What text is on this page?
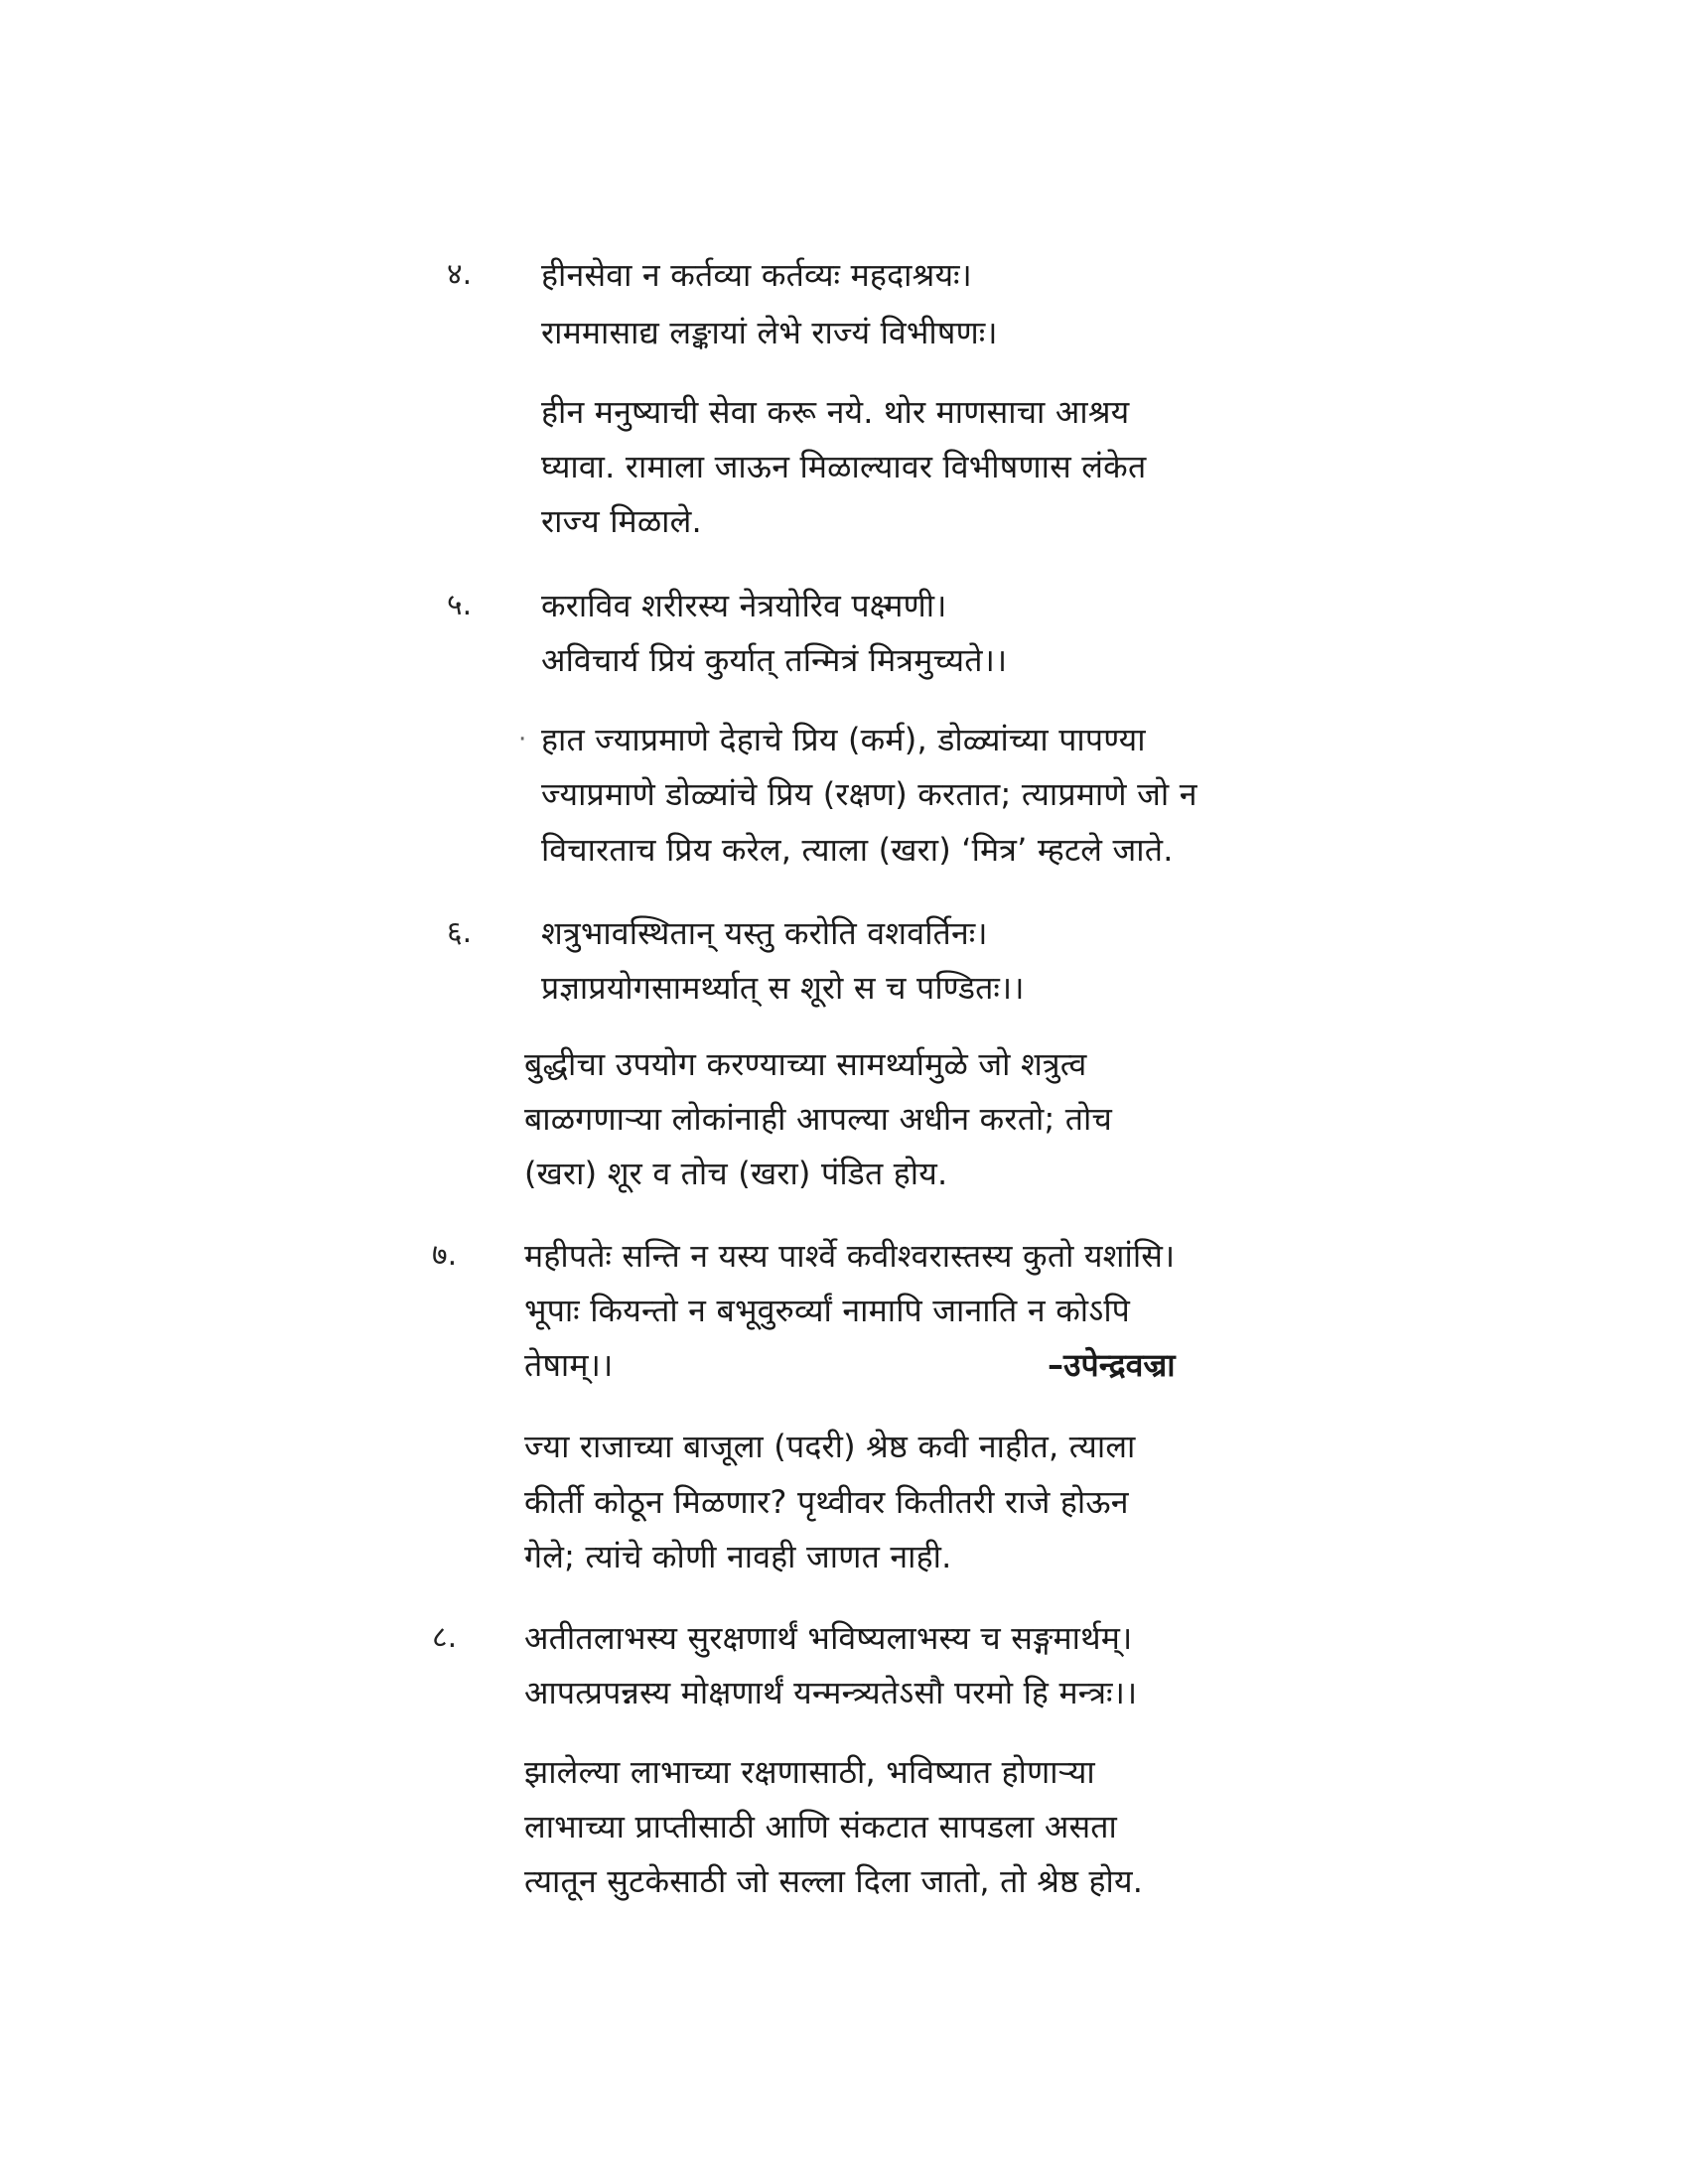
४. हीनसेवा न कर्तव्या कर्तव्यः महदाश्रयः।
राममासाद्य लङ्कायां लेभे राज्यं विभीषणः।
हीन मनुष्याची सेवा करू नये. थोर माणसाचा आश्रय
घ्यावा. रामाला जाऊन मिळाल्यावर विभीषणास लंकेत
राज्य मिळाले.
५. कराविव शरीरस्य नेत्रयोरिव पक्ष्मणी।
अविचार्य प्रियं कुर्यात् तन्मित्रं मित्रमुच्यते।।
· हात ज्याप्रमाणे देहाचे प्रिय (कर्म), डोळ्यांच्या पापण्या
ज्याप्रमाणे डोळ्यांचे प्रिय (रक्षण) करतात; त्याप्रमाणे जो न
विचारताच प्रिय करेल, त्याला (खरा) ‘मित्र’ म्हटले जाते.
६. शत्रुभावस्थितान् यस्तु करोति वशवर्तिनः।
प्रज्ञाप्रयोगसामर्थ्यात् स शूरो स च पण्डितः।।
बुद्धीचा उपयोग करण्याच्या सामर्थ्यामुळे जो शत्रुत्व
बाळगणाऱ्या लोकांनाही आपल्या अधीन करतो; तोच
(खरा) शूर व तोच (खरा) पंडित होय.
७. महीपतेः सन्ति न यस्य पार्श्वे कवीश्वरास्तस्य कुतो यशांसि।
भूपाः कियन्तो न बभूवुरुर्व्यां नामापि जानाति न कोऽपि
तेषाम्।।	–उपेन्द्रवज्रा
ज्या राजाच्या बाजूला (पदरी) श्रेष्ठ कवी नाहीत, त्याला
कीर्ती कोठून मिळणार? पृथ्वीवर कितीतरी राजे होऊन
गेले; त्यांचे कोणी नावही जाणत नाही.
८. अतीतलाभस्य सुरक्षणार्थं भविष्यलाभस्य च सङ्गमार्थम्।
आपत्प्रपन्नस्य मोक्षणार्थं यन्मन्त्र्यतेऽसौ परमो हि मन्त्रः।।
झालेल्या लाभाच्या रक्षणासाठी, भविष्यात होणाऱ्या
लाभाच्या प्राप्तीसाठी आणि संकटात सापडला असता
त्यातून सुटकेसाठी जो सल्ला दिला जातो, तो श्रेष्ठ होय.
